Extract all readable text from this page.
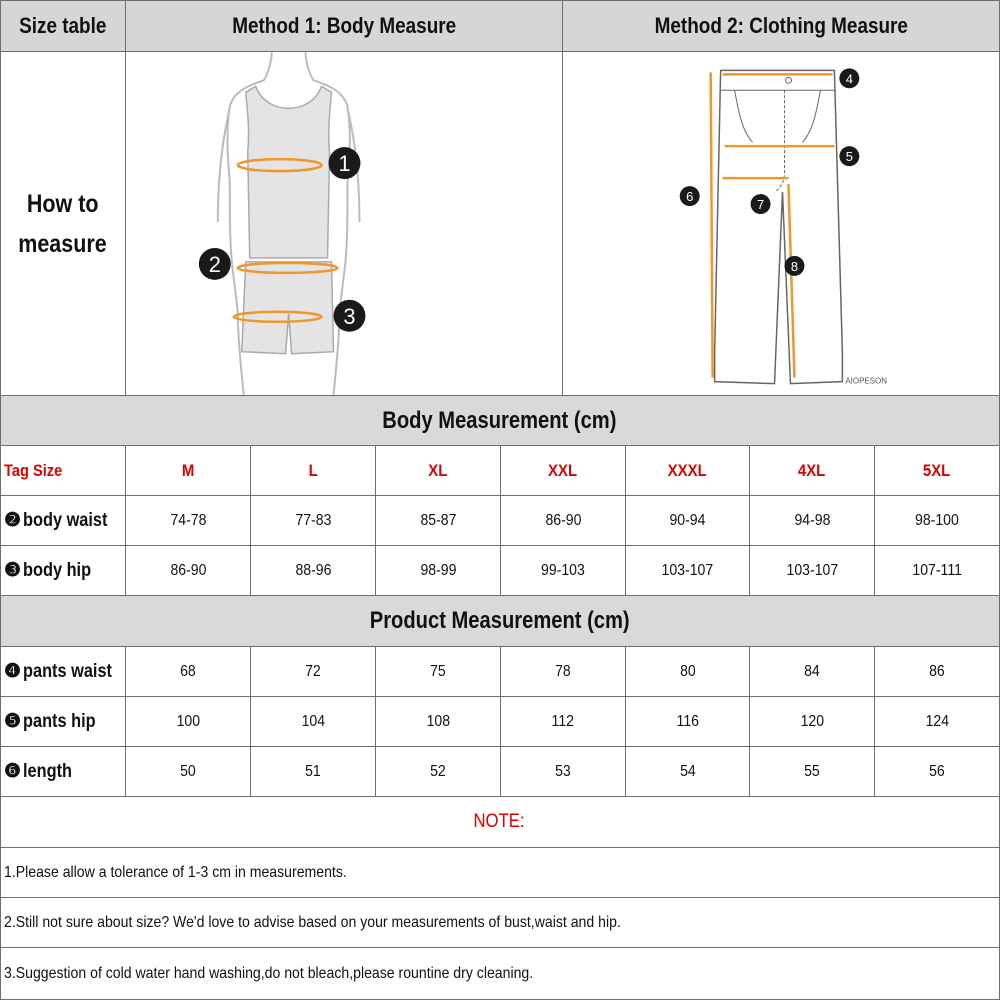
Size table	Method 1: Body Measure	Method 2: Clothing Measure
How to
measure
1
2
3
4
5
6
7
8
AIOPESON
Body Measurement (cm)
Product Measurement (cm)
NOTE:
1.Please allow a tolerance of 1-3 cm in measurements.
2.Still not sure about size? We'd love to advise based on your measurements of bust,waist and hip.
3.Suggestion of cold water hand washing,do not bleach,please rountine dry cleaning.
Tag Size	M	L	XL	XXL	XXXL	4XL	5XL
❷ body waist	74-78	77-83	85-87	86-90	90-94	94-98	98-100
❸ body hip	86-90	88-96	98-99	99-103	103-107	103-107	107-111
❹ pants waist	68	72	75	78	80	84	86
❺ pants hip	100	104	108	112	116	120	124
❻ length	50	51	52	53	54	55	56
